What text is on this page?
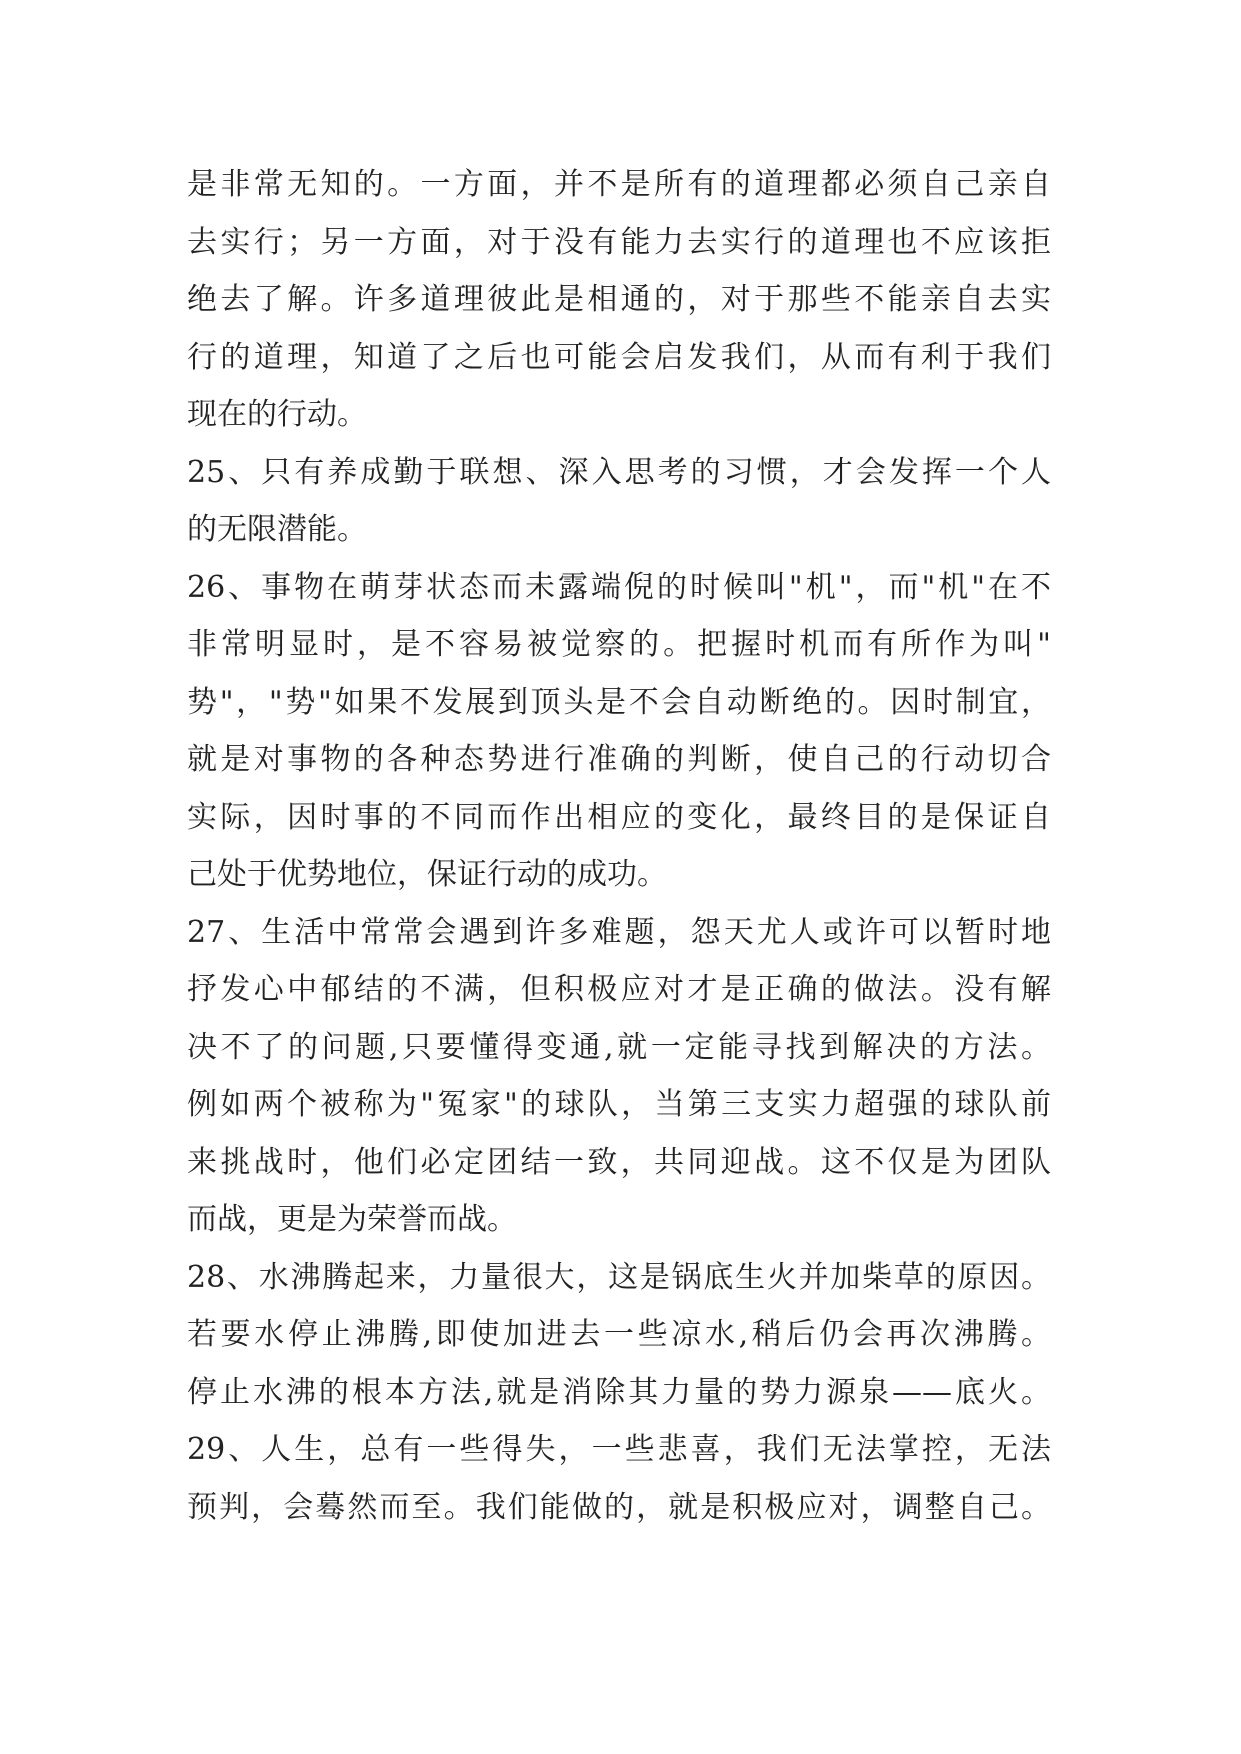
是非常无知的。一方面，并不是所有的道理都必须自己亲自
去实行；另一方面，对于没有能力去实行的道理也不应该拒
绝去了解。许多道理彼此是相通的，对于那些不能亲自去实
行的道理，知道了之后也可能会启发我们，从而有利于我们
现在的行动。
25、只有养成勤于联想、深入思考的习惯，才会发挥一个人
的无限潜能。
26、事物在萌芽状态而未露端倪的时候叫"机"，而"机"在不
非常明显时，是不容易被觉察的。把握时机而有所作为叫"
势"，"势"如果不发展到顶头是不会自动断绝的。因时制宜，
就是对事物的各种态势进行准确的判断，使自己的行动切合
实际，因时事的不同而作出相应的变化，最终目的是保证自
己处于优势地位，保证行动的成功。
27、生活中常常会遇到许多难题，怨天尤人或许可以暂时地
抒发心中郁结的不满，但积极应对才是正确的做法。没有解
决不了的问题,只要懂得变通,就一定能寻找到解决的方法。
例如两个被称为"冤家"的球队，当第三支实力超强的球队前
来挑战时，他们必定团结一致，共同迎战。这不仅是为团队
而战，更是为荣誉而战。
28、水沸腾起来，力量很大，这是锅底生火并加柴草的原因。
若要水停止沸腾,即使加进去一些凉水,稍后仍会再次沸腾。
停止水沸的根本方法,就是消除其力量的势力源泉——底火。
29、人生，总有一些得失，一些悲喜，我们无法掌控，无法
预判，会蓦然而至。我们能做的，就是积极应对，调整自己。
